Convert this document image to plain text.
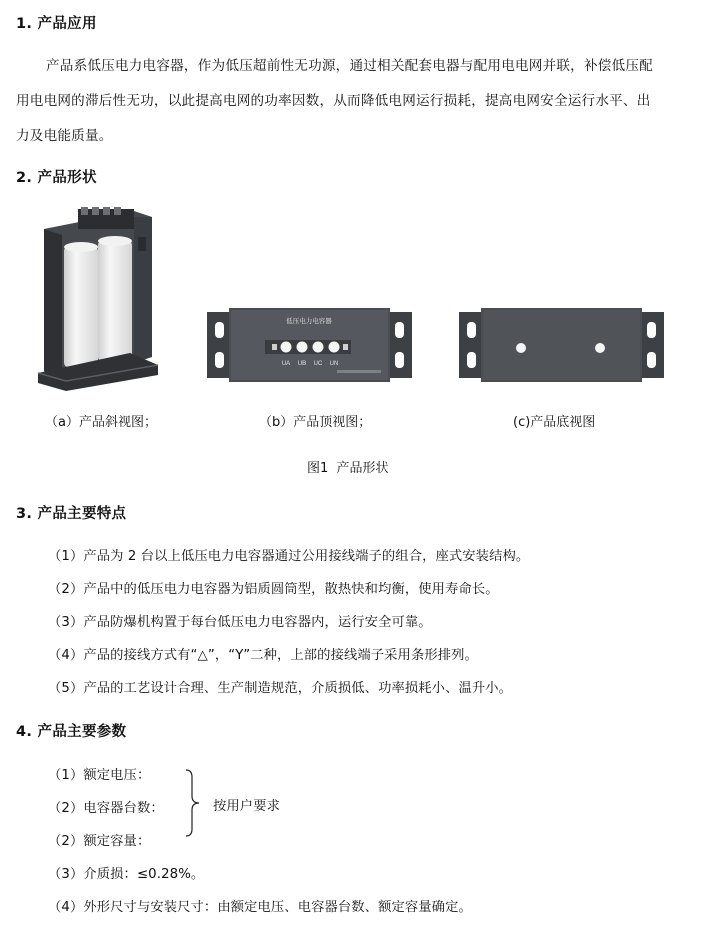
1. 产品应用
产品系低压电力电容器，作为低压超前性无功源，通过相关配套电器与配用电电网并联，补偿低压配
用电电网的滞后性无功，以此提高电网的功率因数，从而降低电网运行损耗，提高电网安全运行水平、出
力及电能质量。
2. 产品形状
低压电力电容器
UA UB UC UN
（a）产品斜视图；	（b）产品顶视图；	(c)产品底视图
图1  产品形状
3. 产品主要特点
（1）产品为 2 台以上低压电力电容器通过公用接线端子的组合，座式安装结构。
（2）产品中的低压电力电容器为铝质圆筒型，散热快和均衡，使用寿命长。
（3）产品防爆机构置于每台低压电力电容器内，运行安全可靠。
（4）产品的接线方式有“△”，“Y”二种，上部的接线端子采用条形排列。
（5）产品的工艺设计合理、生产制造规范，介质损低、功率损耗小、温升小。
4. 产品主要参数
（1）额定电压：
（2）电容器台数：
（2）额定容量：
（3）介质损：≤0.28%。
（4）外形尺寸与安装尺寸：由额定电压、电容器台数、额定容量确定。
按用户要求
